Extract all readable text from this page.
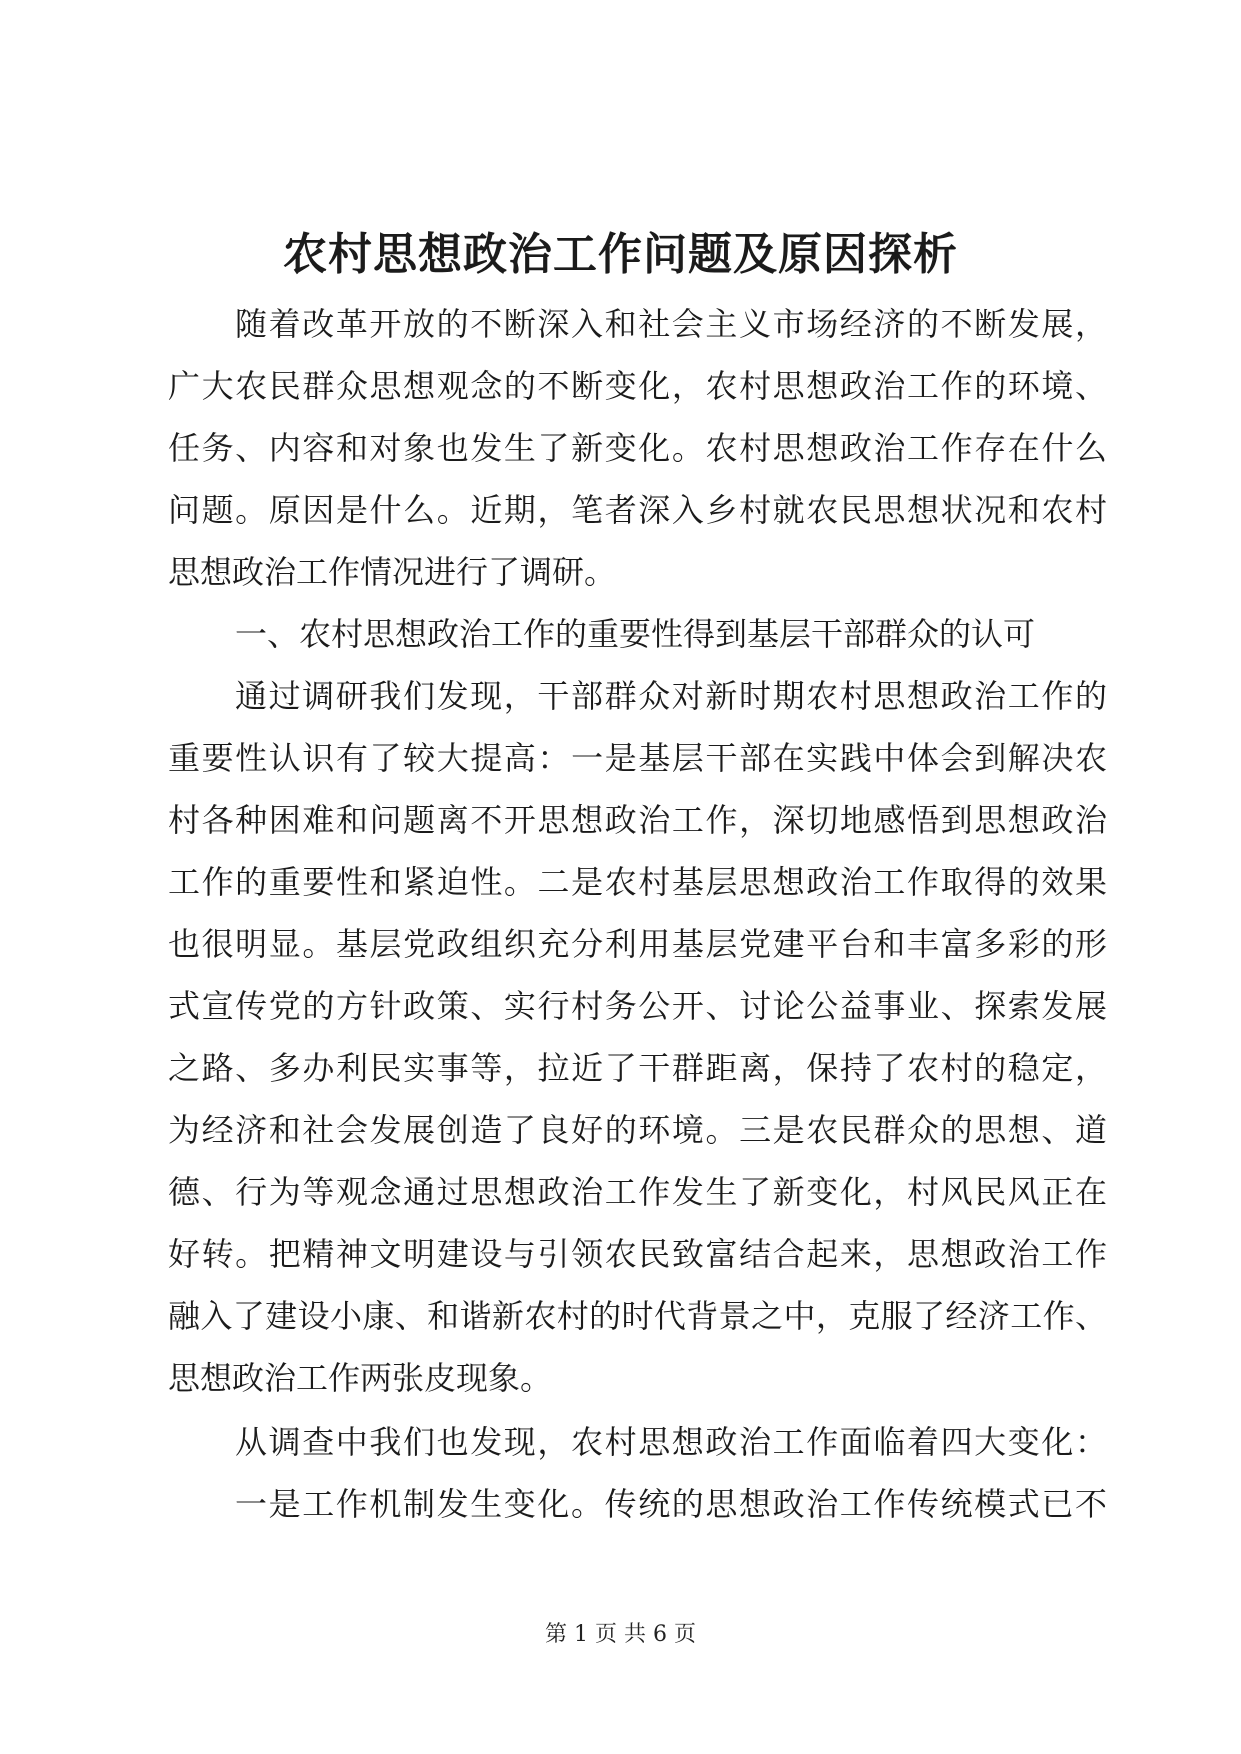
农村思想政治工作问题及原因探析
随着改革开放的不断深入和社会主义市场经济的不断发展，
广大农民群众思想观念的不断变化，农村思想政治工作的环境、
任务、内容和对象也发生了新变化。农村思想政治工作存在什么
问题。原因是什么。近期，笔者深入乡村就农民思想状况和农村
思想政治工作情况进行了调研。
一、农村思想政治工作的重要性得到基层干部群众的认可
通过调研我们发现，干部群众对新时期农村思想政治工作的
重要性认识有了较大提高：一是基层干部在实践中体会到解决农
村各种困难和问题离不开思想政治工作，深切地感悟到思想政治
工作的重要性和紧迫性。二是农村基层思想政治工作取得的效果
也很明显。基层党政组织充分利用基层党建平台和丰富多彩的形
式宣传党的方针政策、实行村务公开、讨论公益事业、探索发展
之路、多办利民实事等，拉近了干群距离，保持了农村的稳定，
为经济和社会发展创造了良好的环境。三是农民群众的思想、道
德、行为等观念通过思想政治工作发生了新变化，村风民风正在
好转。把精神文明建设与引领农民致富结合起来，思想政治工作
融入了建设小康、和谐新农村的时代背景之中，克服了经济工作、
思想政治工作两张皮现象。
从调查中我们也发现，农村思想政治工作面临着四大变化：
一是工作机制发生变化。传统的思想政治工作传统模式已不
第 1 页 共 6 页
